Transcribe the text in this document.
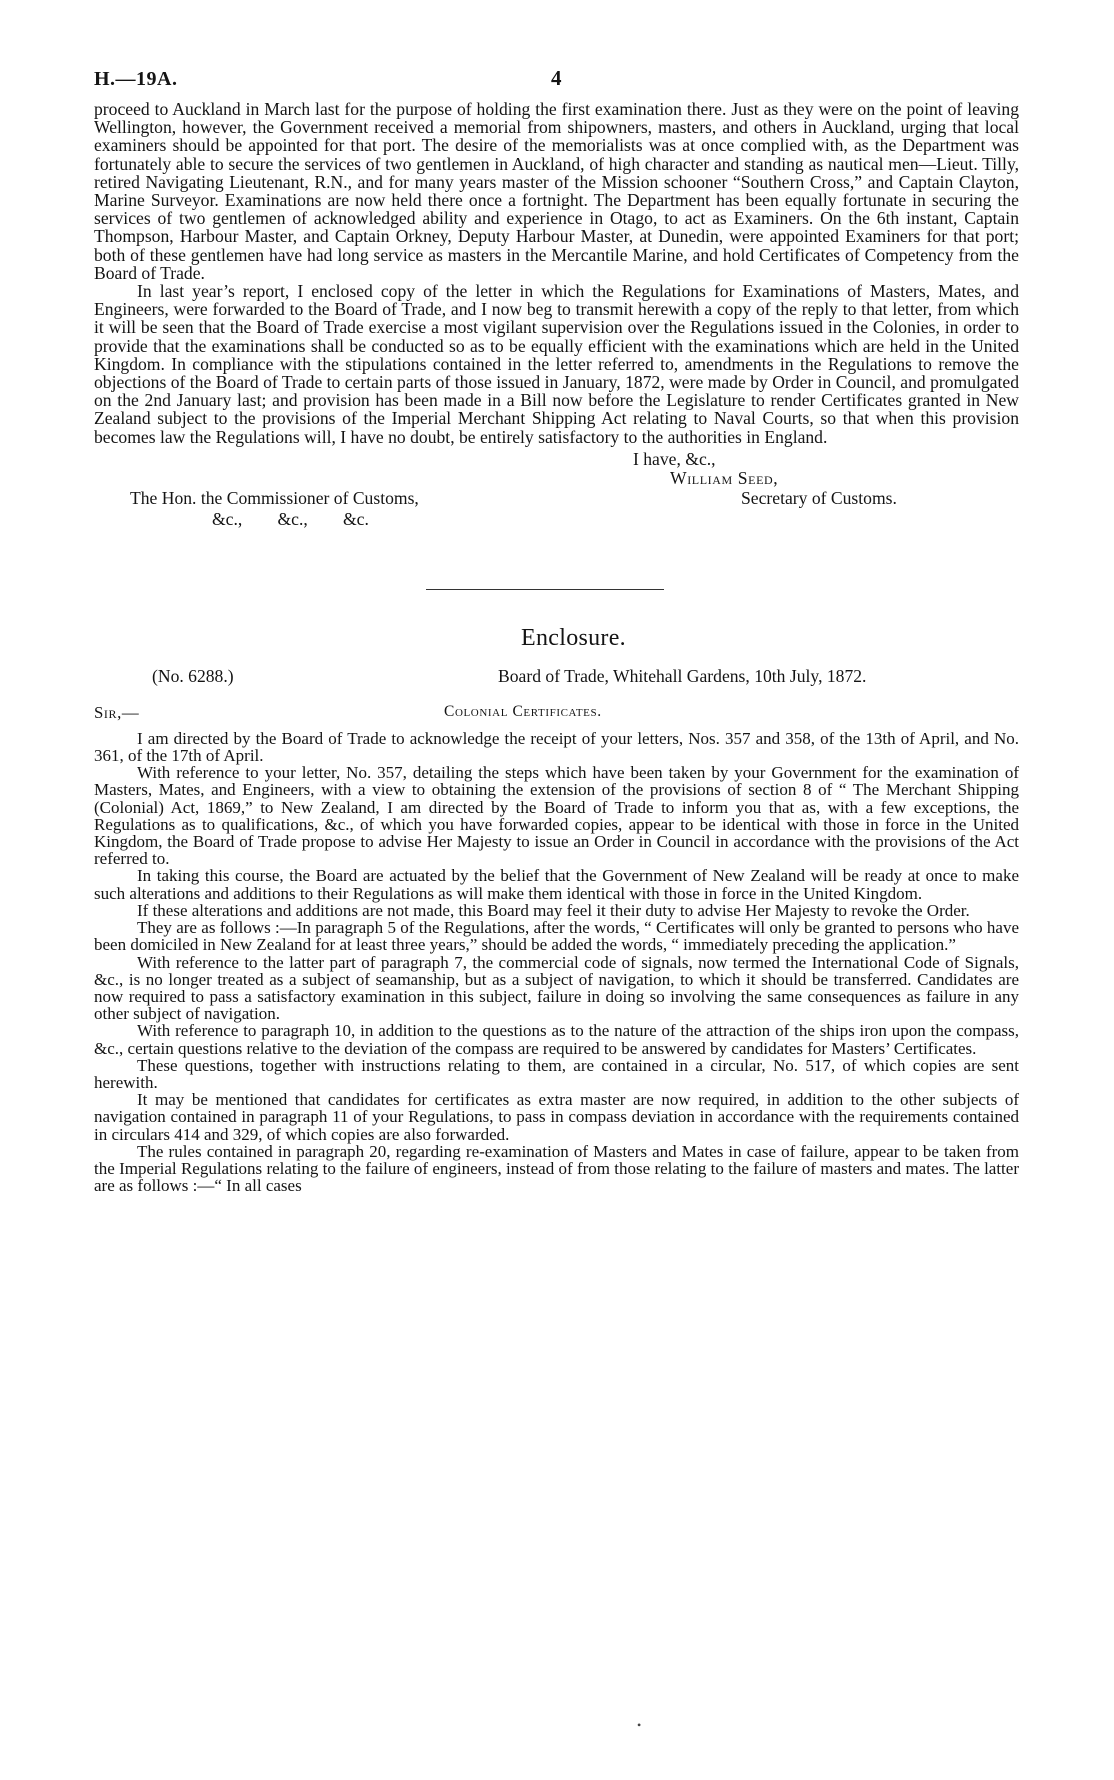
H.—19A.	4

proceed to Auckland in March last for the purpose of holding the first examination there. Just as they were on the point of leaving Wellington, however, the Government received a memorial from shipowners, masters, and others in Auckland, urging that local examiners should be appointed for that port. The desire of the memorialists was at once complied with, as the Department was fortunately able to secure the services of two gentlemen in Auckland, of high character and standing as nautical men—Lieut. Tilly, retired Navigating Lieutenant, R.N., and for many years master of the Mission schooner “Southern Cross,” and Captain Clayton, Marine Surveyor. Examinations are now held there once a fortnight. The Department has been equally fortunate in securing the services of two gentlemen of acknowledged ability and experience in Otago, to act as Examiners. On the 6th instant, Captain Thompson, Harbour Master, and Captain Orkney, Deputy Harbour Master, at Dunedin, were appointed Examiners for that port; both of these gentlemen have had long service as masters in the Mercantile Marine, and hold Certificates of Competency from the Board of Trade.

In last year’s report, I enclosed copy of the letter in which the Regulations for Examinations of Masters, Mates, and Engineers, were forwarded to the Board of Trade, and I now beg to transmit herewith a copy of the reply to that letter, from which it will be seen that the Board of Trade exercise a most vigilant supervision over the Regulations issued in the Colonies, in order to provide that the examinations shall be conducted so as to be equally efficient with the examinations which are held in the United Kingdom. In compliance with the stipulations contained in the letter referred to, amendments in the Regulations to remove the objections of the Board of Trade to certain parts of those issued in January, 1872, were made by Order in Council, and promulgated on the 2nd January last; and provision has been made in a Bill now before the Legislature to render Certificates granted in New Zealand subject to the provisions of the Imperial Merchant Shipping Act relating to Naval Courts, so that when this provision becomes law the Regulations will, I have no doubt, be entirely satisfactory to the authorities in England.

I have, &c.,
William Seed,
Secretary of Customs.
The Hon. the Commissioner of Customs,
&c.,        &c.,        &c.
Enclosure.
(No. 6288.)	Board of Trade, Whitehall Gardens, 10th July, 1872.
Sir,—	Colonial Certificates.

I am directed by the Board of Trade to acknowledge the receipt of your letters, Nos. 357 and 358, of the 13th of April, and No. 361, of the 17th of April.

With reference to your letter, No. 357, detailing the steps which have been taken by your Government for the examination of Masters, Mates, and Engineers, with a view to obtaining the extension of the provisions of section 8 of “ The Merchant Shipping (Colonial) Act, 1869,” to New Zealand, I am directed by the Board of Trade to inform you that as, with a few exceptions, the Regulations as to qualifications, &c., of which you have forwarded copies, appear to be identical with those in force in the United Kingdom, the Board of Trade propose to advise Her Majesty to issue an Order in Council in accordance with the provisions of the Act referred to.

In taking this course, the Board are actuated by the belief that the Government of New Zealand will be ready at once to make such alterations and additions to their Regulations as will make them identical with those in force in the United Kingdom.

If these alterations and additions are not made, this Board may feel it their duty to advise Her Majesty to revoke the Order.

They are as follows :—In paragraph 5 of the Regulations, after the words, “ Certificates will only be granted to persons who have been domiciled in New Zealand for at least three years,” should be added the words, “ immediately preceding the application.”

With reference to the latter part of paragraph 7, the commercial code of signals, now termed the International Code of Signals, &c., is no longer treated as a subject of seamanship, but as a subject of navigation, to which it should be transferred. Candidates are now required to pass a satisfactory examination in this subject, failure in doing so involving the same consequences as failure in any other subject of navigation.

With reference to paragraph 10, in addition to the questions as to the nature of the attraction of the ships iron upon the compass, &c., certain questions relative to the deviation of the compass are required to be answered by candidates for Masters’ Certificates.

These questions, together with instructions relating to them, are contained in a circular, No. 517, of which copies are sent herewith.

It may be mentioned that candidates for certificates as extra master are now required, in addition to the other subjects of navigation contained in paragraph 11 of your Regulations, to pass in compass deviation in accordance with the requirements contained in circulars 414 and 329, of which copies are also forwarded.

The rules contained in paragraph 20, regarding re-examination of Masters and Mates in case of failure, appear to be taken from the Imperial Regulations relating to the failure of engineers, instead of from those relating to the failure of masters and mates. The latter are as follows :—“ In all cases

•
